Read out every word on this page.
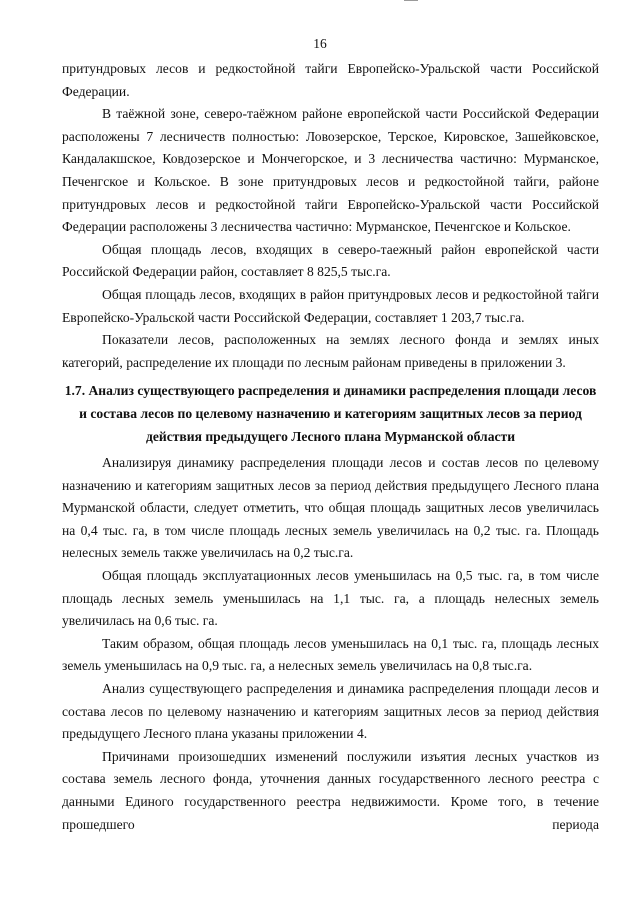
16

притундровых лесов и редкостойной тайги Европейско-Уральской части Российской Федерации.

В таёжной зоне, северо-таёжном районе европейской части Российской Федерации расположены 7 лесничеств полностью: Ловозерское, Терское, Кировское, Зашейковское, Кандалакшское, Ковдозерское и Мончегорское, и 3 лесничества частично: Мурманское, Печенгское и Кольское. В зоне притундровых лесов и редкостойной тайги, районе притундровых лесов и редкостойной тайги Европейско-Уральской части Российской Федерации расположены 3 лесничества частично: Мурманское, Печенгское и Кольское.

Общая площадь лесов, входящих в северо-таежный район европейской части Российской Федерации район, составляет 8 825,5 тыс.га.

Общая площадь лесов, входящих в район притундровых лесов и редкостойной тайги Европейско-Уральской части Российской Федерации, составляет 1 203,7 тыс.га.

Показатели лесов, расположенных на землях лесного фонда и землях иных категорий, распределение их площади по лесным районам приведены в приложении 3.

1.7. Анализ существующего распределения и динамики распределения площади лесов и состава лесов по целевому назначению и категориям защитных лесов за период действия предыдущего Лесного плана Мурманской области

Анализируя динамику распределения площади лесов и состав лесов по целевому назначению и категориям защитных лесов за период действия предыдущего Лесного плана Мурманской области, следует отметить, что общая площадь защитных лесов увеличилась на 0,4 тыс. га, в том числе площадь лесных земель увеличилась на 0,2 тыс. га. Площадь нелесных земель также увеличилась на 0,2 тыс.га.

Общая площадь эксплуатационных лесов уменьшилась на 0,5 тыс. га, в том числе площадь лесных земель уменьшилась на 1,1 тыс. га, а площадь нелесных земель увеличилась на 0,6 тыс. га.

Таким образом, общая площадь лесов уменьшилась на 0,1 тыс. га, площадь лесных земель уменьшилась на 0,9 тыс. га, а нелесных земель увеличилась на 0,8 тыс.га.

Анализ существующего распределения и динамика распределения площади лесов и состава лесов по целевому назначению и категориям защитных лесов за период действия предыдущего Лесного плана указаны приложении 4.

Причинами произошедших изменений послужили изъятия лесных участков из состава земель лесного фонда, уточнения данных государственного лесного реестра с данными Единого государственного реестра недвижимости. Кроме того, в течение прошедшего периода
